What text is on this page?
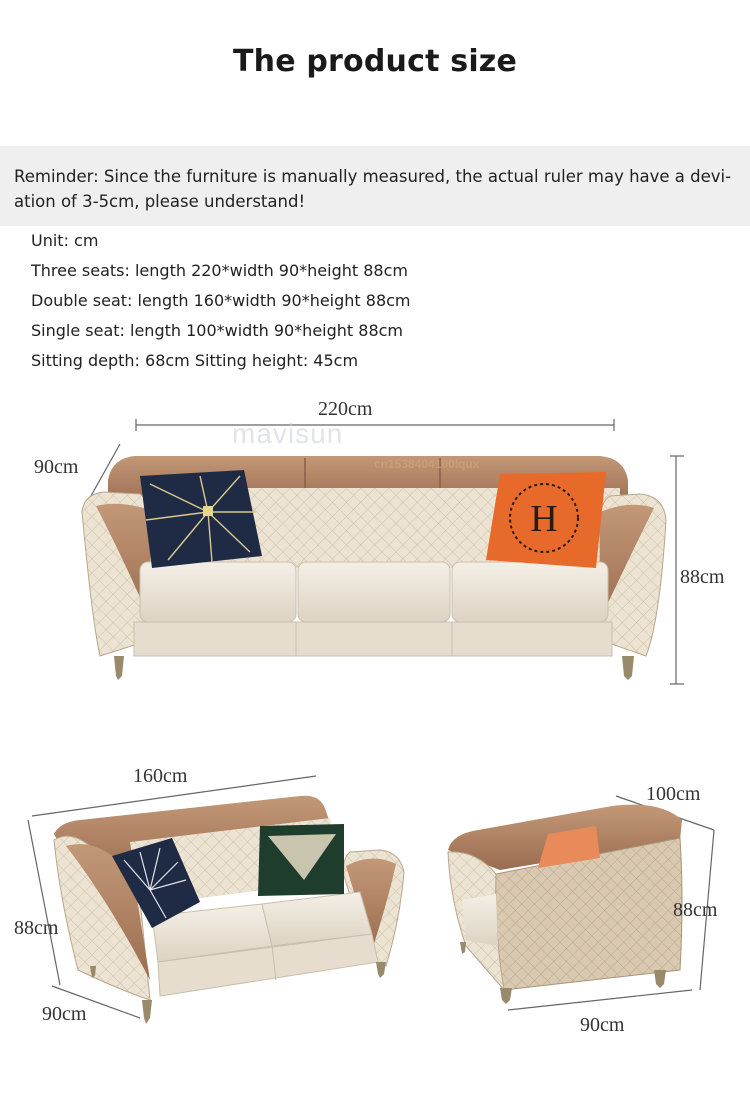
The product size
Reminder: Since the furniture is manually measured, the actual ruler may have a devi-
ation of 3-5cm, please understand!
Unit: cm
Three seats: length 220*width 90*height 88cm
Double seat: length 160*width 90*height 88cm
Single seat: length 100*width 90*height 88cm
Sitting depth: 68cm Sitting height: 45cm
H
mavisun
cn1538404100lqux
220cm
90cm
88cm
160cm
88cm
90cm
100cm
88cm
90cm
